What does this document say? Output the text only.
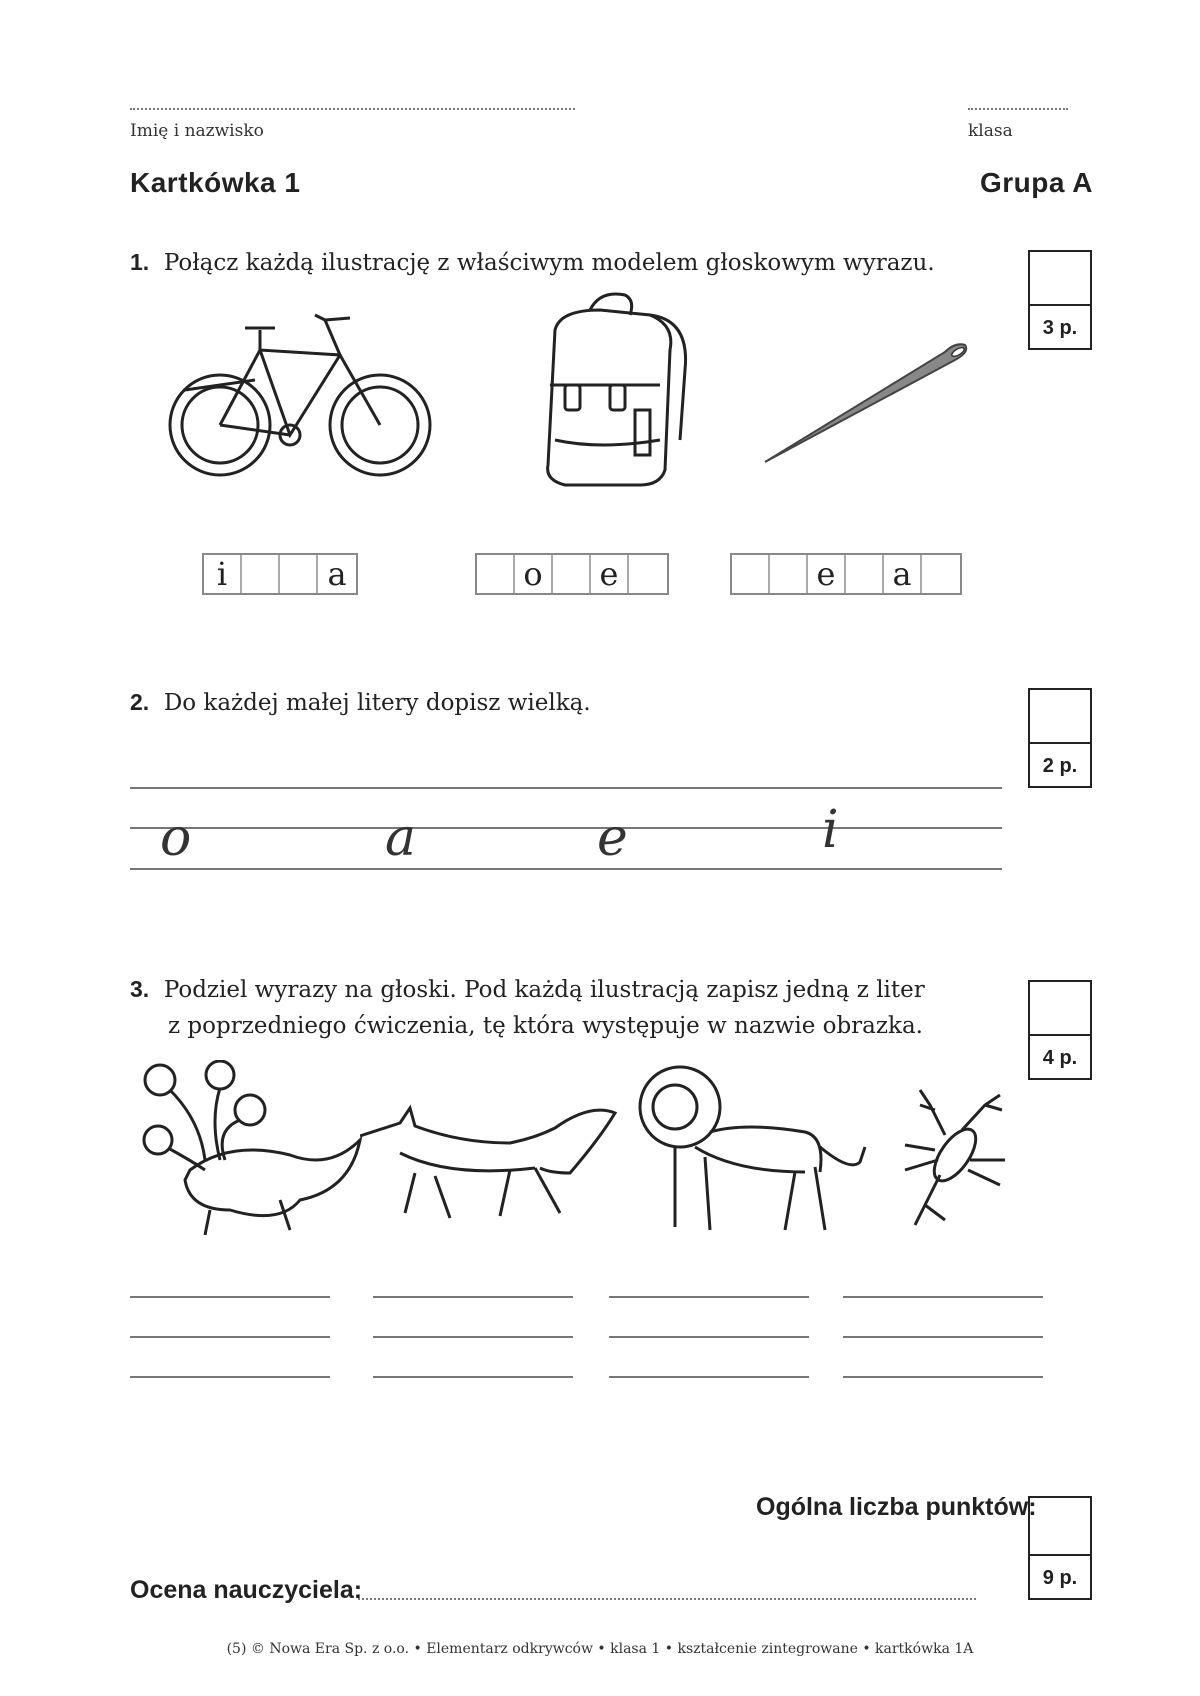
Imię i nazwisko	klasa
Kartkówka 1	Grupa A
1. Połącz każdą ilustrację z właściwym modelem głoskowym wyrazu.
3 p.
i	a	o	e	e	a
2. Do każdej małej litery dopisz wielką.
2 p.
o	a	e	i
3. Podziel wyrazy na głoski. Pod każdą ilustracją zapisz jedną z liter
z poprzedniego ćwiczenia, tę która występuje w nazwie obrazka.
4 p.
Ogólna liczba punktów:
9 p.
Ocena nauczyciela:
(5) © Nowa Era Sp. z o.o. • Elementarz odkrywców • klasa 1 • kształcenie zintegrowane • kartkówka 1A
